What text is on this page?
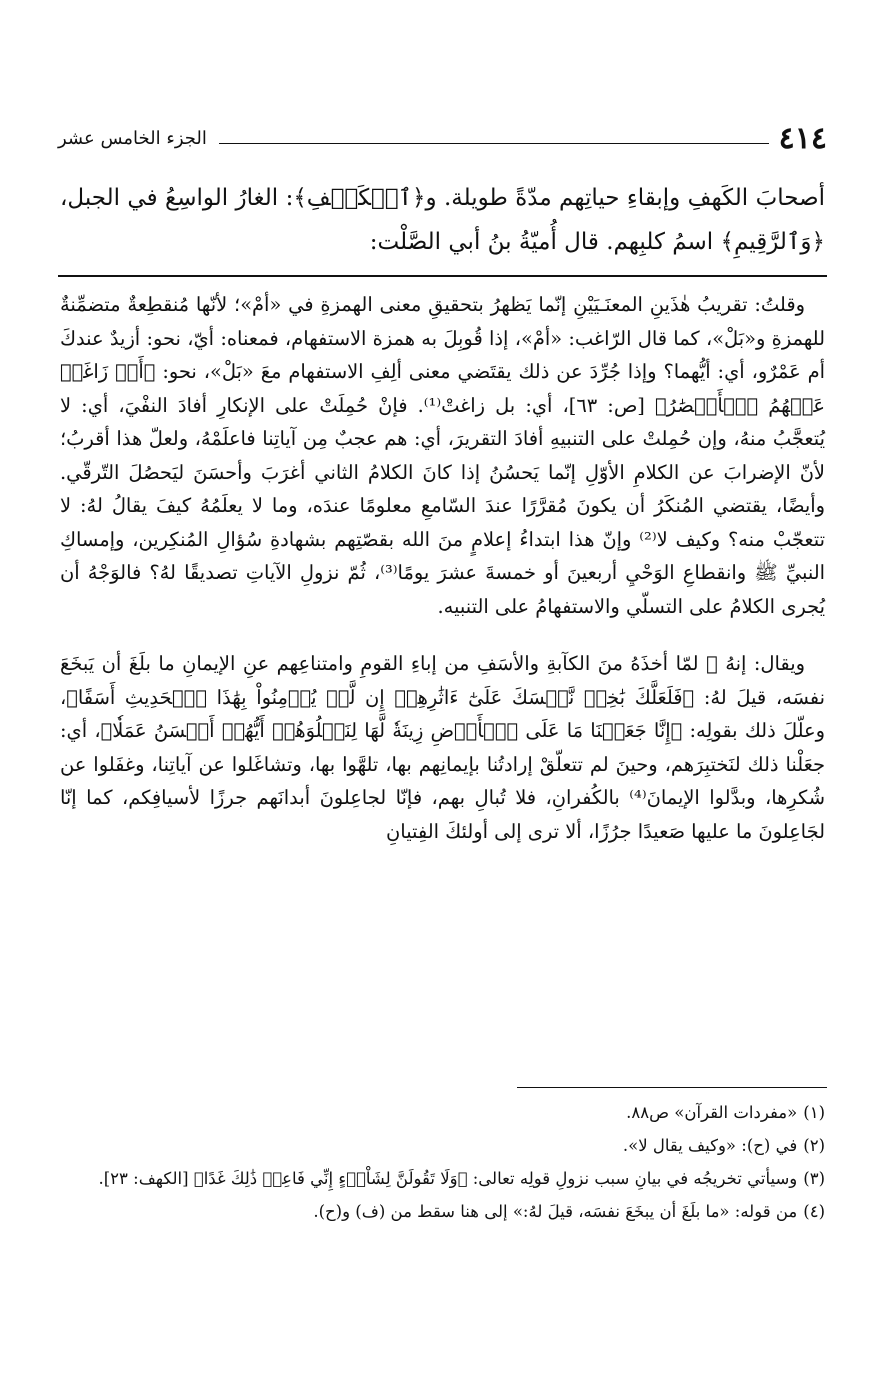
٤١٤
الجزء الخامس عشر
أصحابَ الكَهفِ وإبقاءِ حياتِهم مدّةً طويلة. و﴿ٱلۡكَهۡفِ﴾: الغارُ الواسِعُ في الجبل، ﴿وَٱلرَّقِيمِ﴾ اسمُ كلبِهم. قال أُميّةُ بنُ أبي الصَّلْت:

وقلتُ: تقريبُ هٰذَينِ المعنَـيَيْنِ إنّما يَظهرُ بتحقيقِ معنى الهمزةِ في «أمْ»؛ لأنّها مُنقطِعةٌ متضمِّنةٌ للهمزةِ و«بَلْ»، كما قال الرّاغب: «أمْ»، إذا قُوبِلَ به همزة الاستفهام، فمعناه: أيّ، نحو: أزيدٌ عندكَ أم عَمْرٌو، أي: أيُّهما؟ وإذا جُرِّدَ عن ذلك يقتَضي معنى ألِفِ الاستفهام معَ «بَلْ»، نحو: ﴿أَمۡ زَاغَتۡ عَنۡهُمُ ٱلۡأَبۡصَٰرُ﴾ [ص: ٦٣]، أي: بل زاغتْ⁽¹⁾. فإنْ حُمِلَتْ على الإنكارِ أفادَ النفْيَ، أي: لا يُتعجَّبُ منهُ، وإن حُمِلتْ على التنبيهِ أفادَ التقريرَ، أي: هم عجبٌ مِن آياتِنا فاعلَمْهُ، ولعلّ هذا أقربُ؛ لأنّ الإضرابَ عن الكلامِ الأوّلِ إنّما يَحسُنُ إذا كانَ الكلامُ الثاني أغرَبَ وأحسَنَ ليَحصُلَ التّرقّي. وأيضًا، يقتضي المُنكَرُ أن يكونَ مُقرَّرًا عندَ السّامعِ معلومًا عندَه، وما لا يعلَمُهُ كيفَ يقالُ لهُ: لا تتعجّبْ منه؟ وكيف لا⁽²⁾ وإنّ هذا ابتداءُ إعلامٍ منَ الله بقصّتِهم بشهادةِ سُؤالِ المُنكِرين، وإمساكِ النبيِّ ﷺ وانقطاعِ الوَحْيِ أربعينَ أو خمسةَ عشرَ يومًا⁽³⁾، ثُمّ نزولِ الآياتِ تصديقًا لهُ؟ فالوَجْهُ أن يُجرى الكلامُ على التسلّي والاستفهامُ على التنبيه.

ويقال: إنهُ ﷺ لمّا أخذَهُ منَ الكآبةِ والأسَفِ من إباءِ القومِ وامتناعِهم عنِ الإيمانِ ما بلَغَ أن يَبخَعَ نفسَه، قيلَ لهُ: ﴿فَلَعَلَّكَ بَٰخِعٞ نَّفۡسَكَ عَلَىٰٓ ءَاثَٰرِهِمۡ إِن لَّمۡ يُؤۡمِنُواْ بِهَٰذَا ٱلۡحَدِيثِ أَسَفًا﴾، وعلّلَ ذلك بقولِه: ﴿إِنَّا جَعَلۡنَا مَا عَلَى ٱلۡأَرۡضِ زِينَةٗ لَّهَا لِنَبۡلُوَهُمۡ أَيُّهُمۡ أَحۡسَنُ عَمَلٗا﴾، أي: جعَلْنا ذلك لنَختبِرَهم، وحينَ لم تتعلّقْ إرادتُنا بإيمانِهم بها، تلهَّوا بها، وتشاغَلوا عن آياتِنا، وغفَلوا عن شُكرِها، وبدَّلوا الإيمانَ⁽⁴⁾ بالكُفرانِ، فلا تُبالِ بهم، فإنّا لجاعِلونَ أبدانَهم جرزًا لأسيافِكم، كما إنّا لجَاعِلونَ ما عليها صَعيدًا جرُزًا، ألا ترى إلى أولئكَ الفِتيانِ

(١)«مفردات القرآن» ص٨٨.

(٢)في (ح): «وكيف يقال لا».

(٣)وسيأتي تخريجُه في بيانِ سبب نزولِ قولِه تعالى: ﴿وَلَا تَقُولَنَّ لِشَاْيۡءٍ إِنِّي فَاعِلٞ ذَٰلِكَ غَدًا﴾ [الكهف: ٢٣].

(٤)من قوله: «ما بلَغَ أن يبخَعَ نفسَه، قيلَ لهُ:» إلى هنا سقط من (ف) و(ح).
